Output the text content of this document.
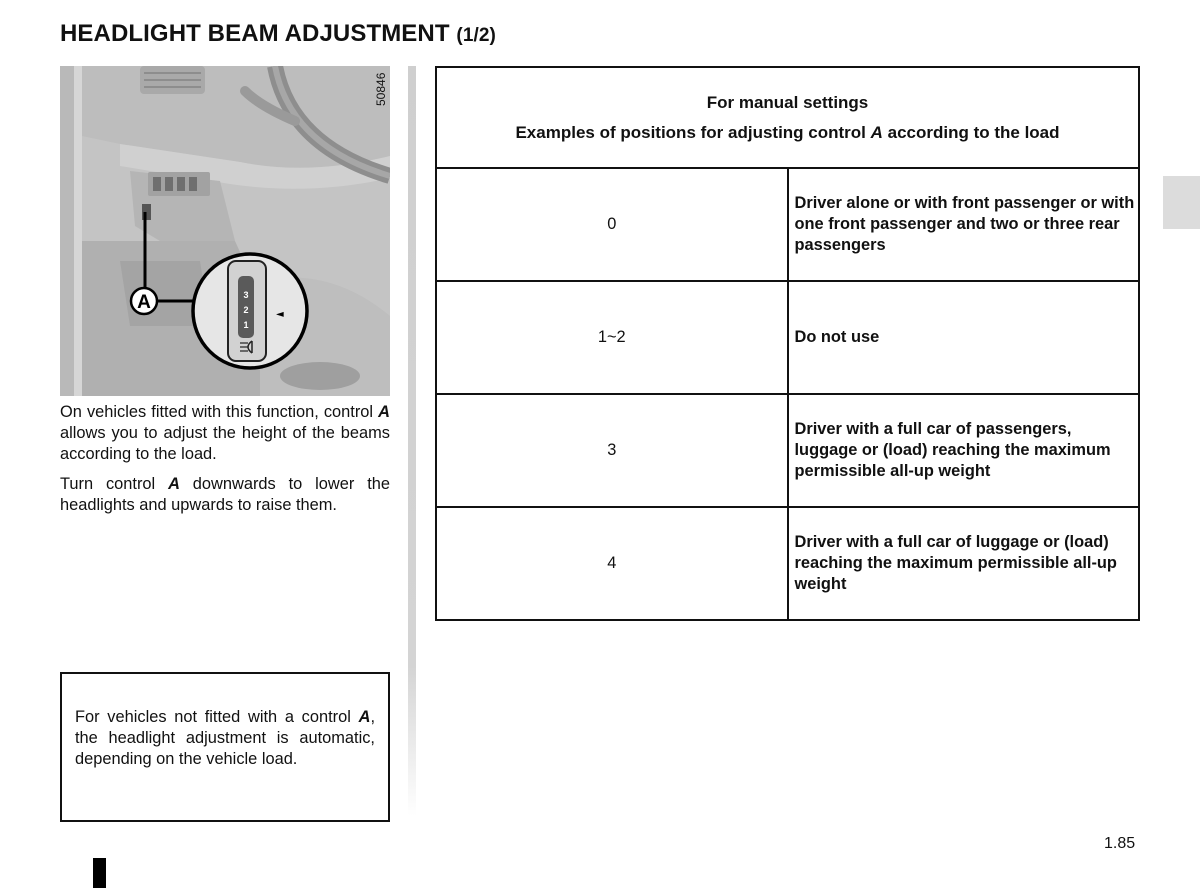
HEADLIGHT BEAM ADJUSTMENT (1/2)
50846
A	3
2
1
◄

On vehicles fitted with this function, control A allows you to adjust the height of the beams according to the load.

Turn control A downwards to lower the headlights and upwards to raise them.

For vehicles not fitted with a control A, the headlight adjustment is automatic, depending on the vehicle load.

For manual settings
Examples of positions for adjusting control A according to the load	

0	Driver alone or with front passenger or with one front passenger and two or three rear passengers
1~2	Do not use
3	Driver with a full car of passengers, luggage or (load) reaching the maximum permissible all-up weight
4	Driver with a full car of luggage or (load)
reaching the maximum permissible all-up weight
1.85
